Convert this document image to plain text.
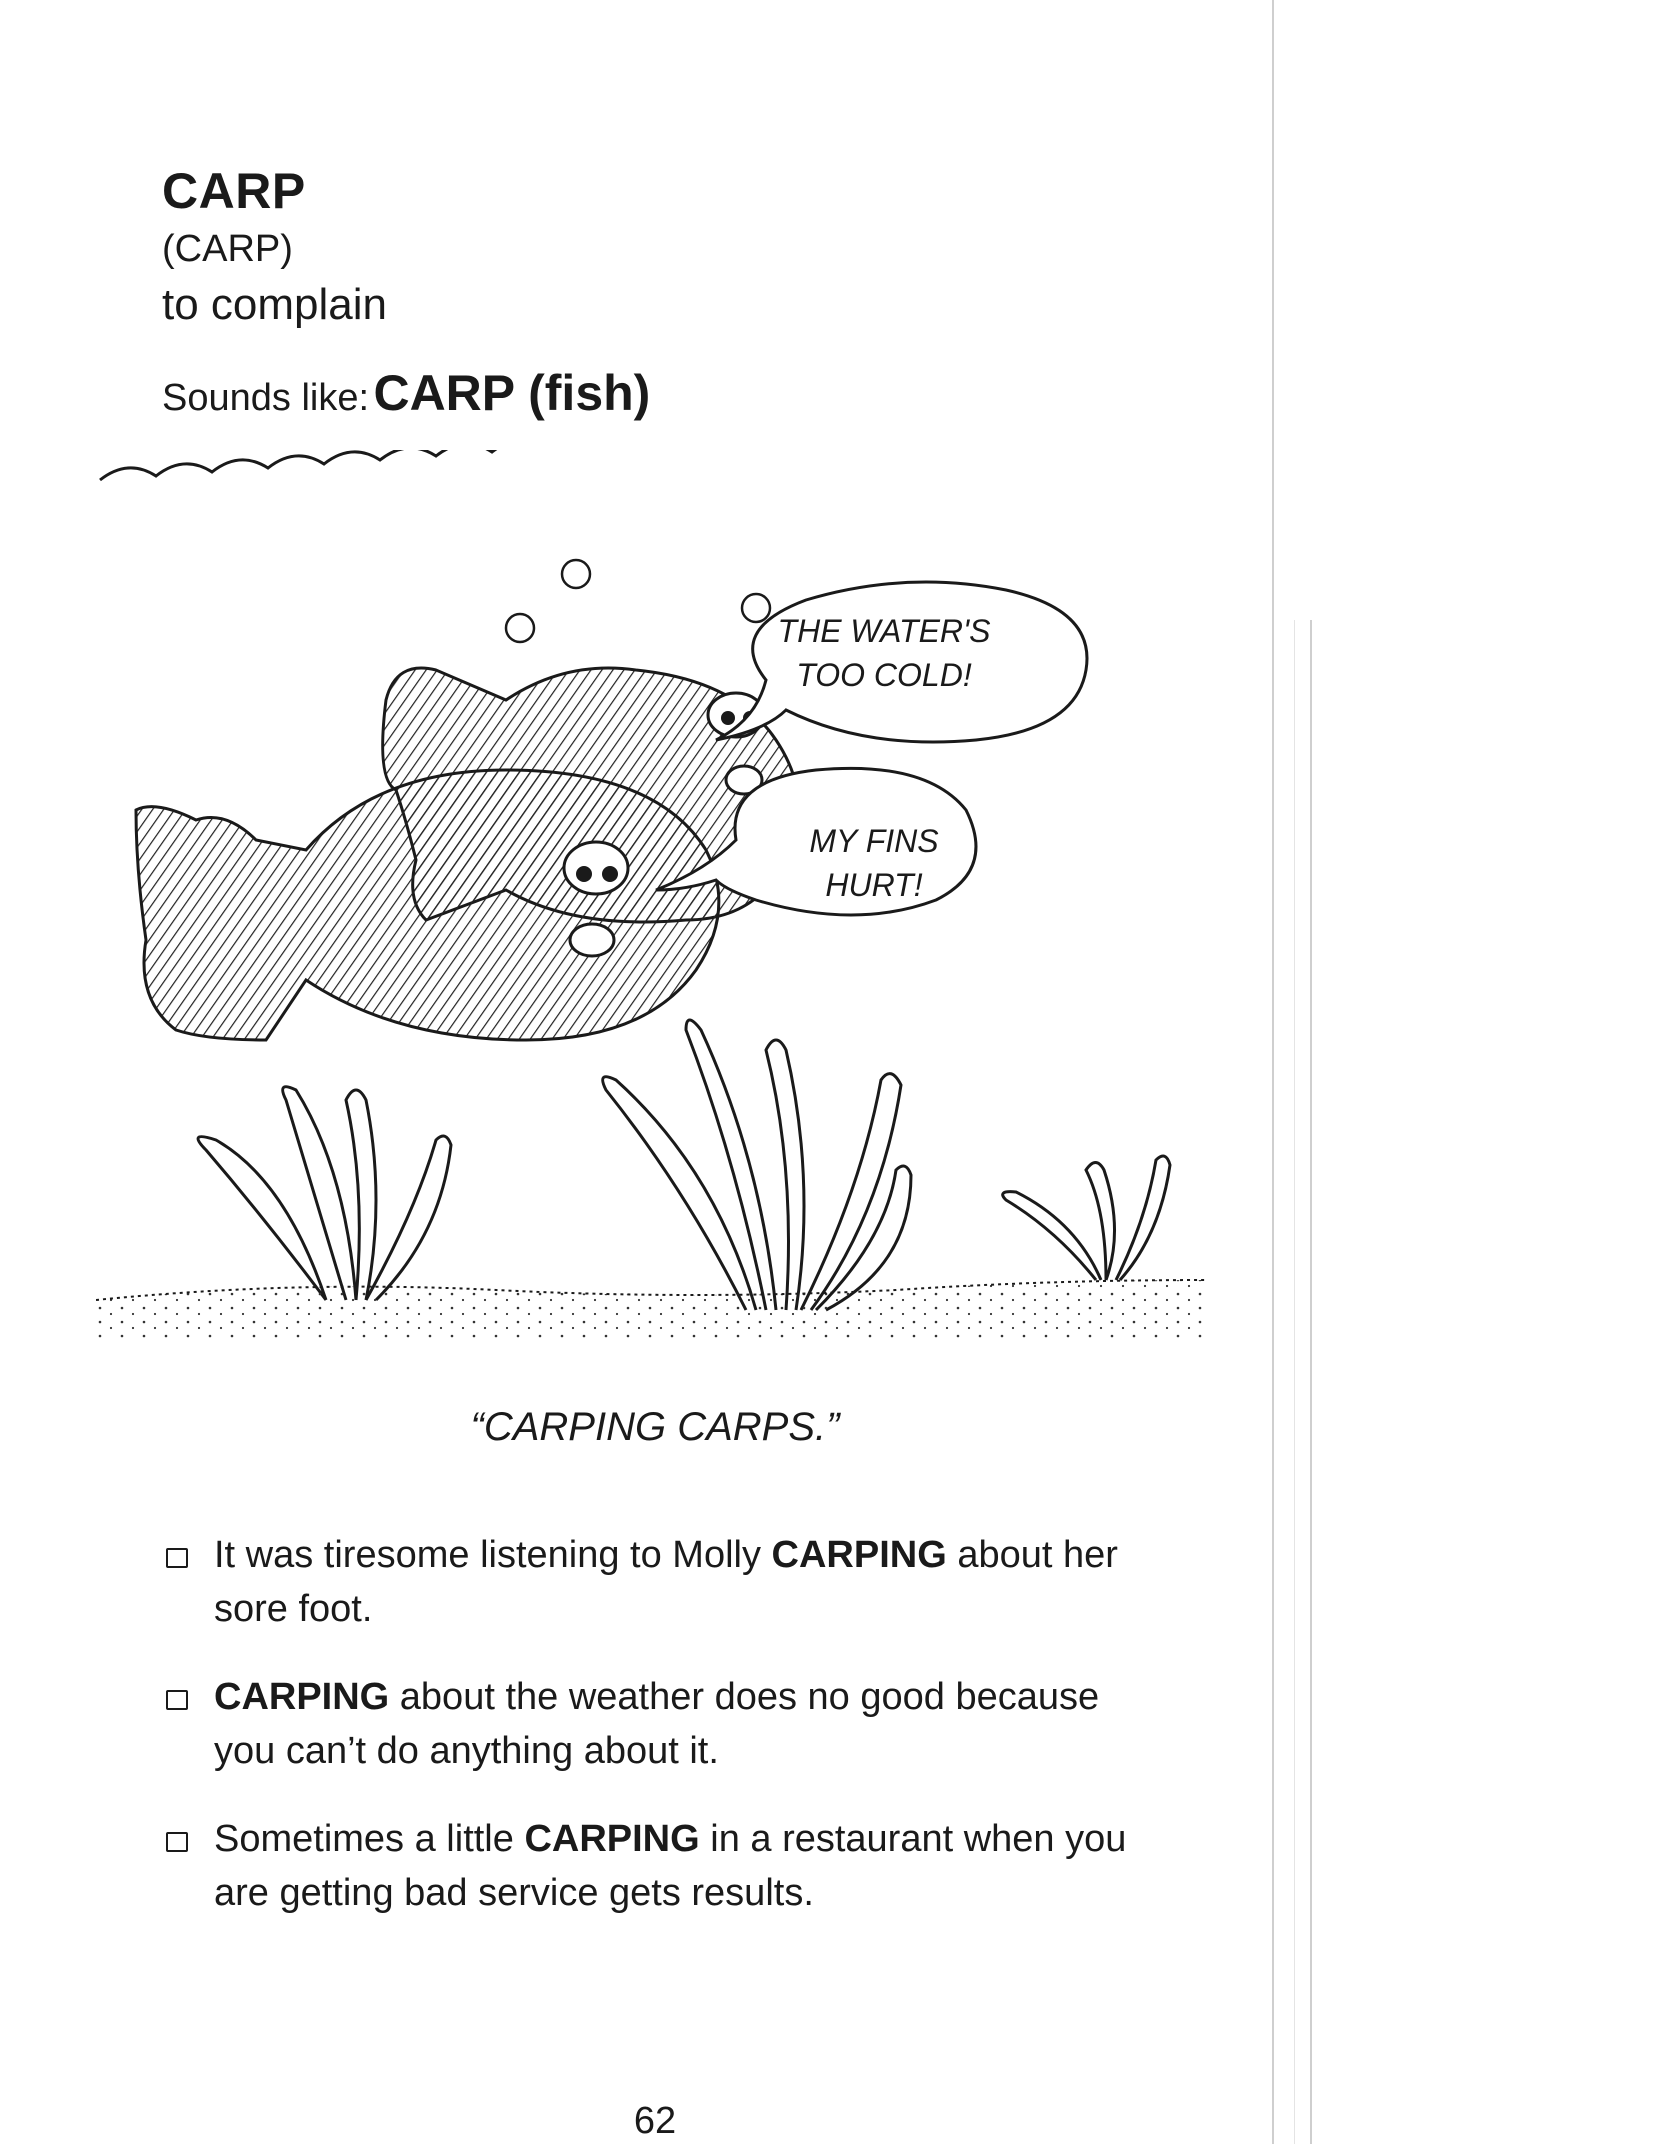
CARP
(CARP)
to complain
Sounds like: CARP (fish)
THE WATER'S
TOO COLD!
MY FINS
HURT!
“CARPING CARPS.”
It was tiresome listening to Molly CARPING about her sore foot.
CARPING about the weather does no good because you can’t do anything about it.
Sometimes a little CARPING in a restaurant when you are getting bad service gets results.
62
